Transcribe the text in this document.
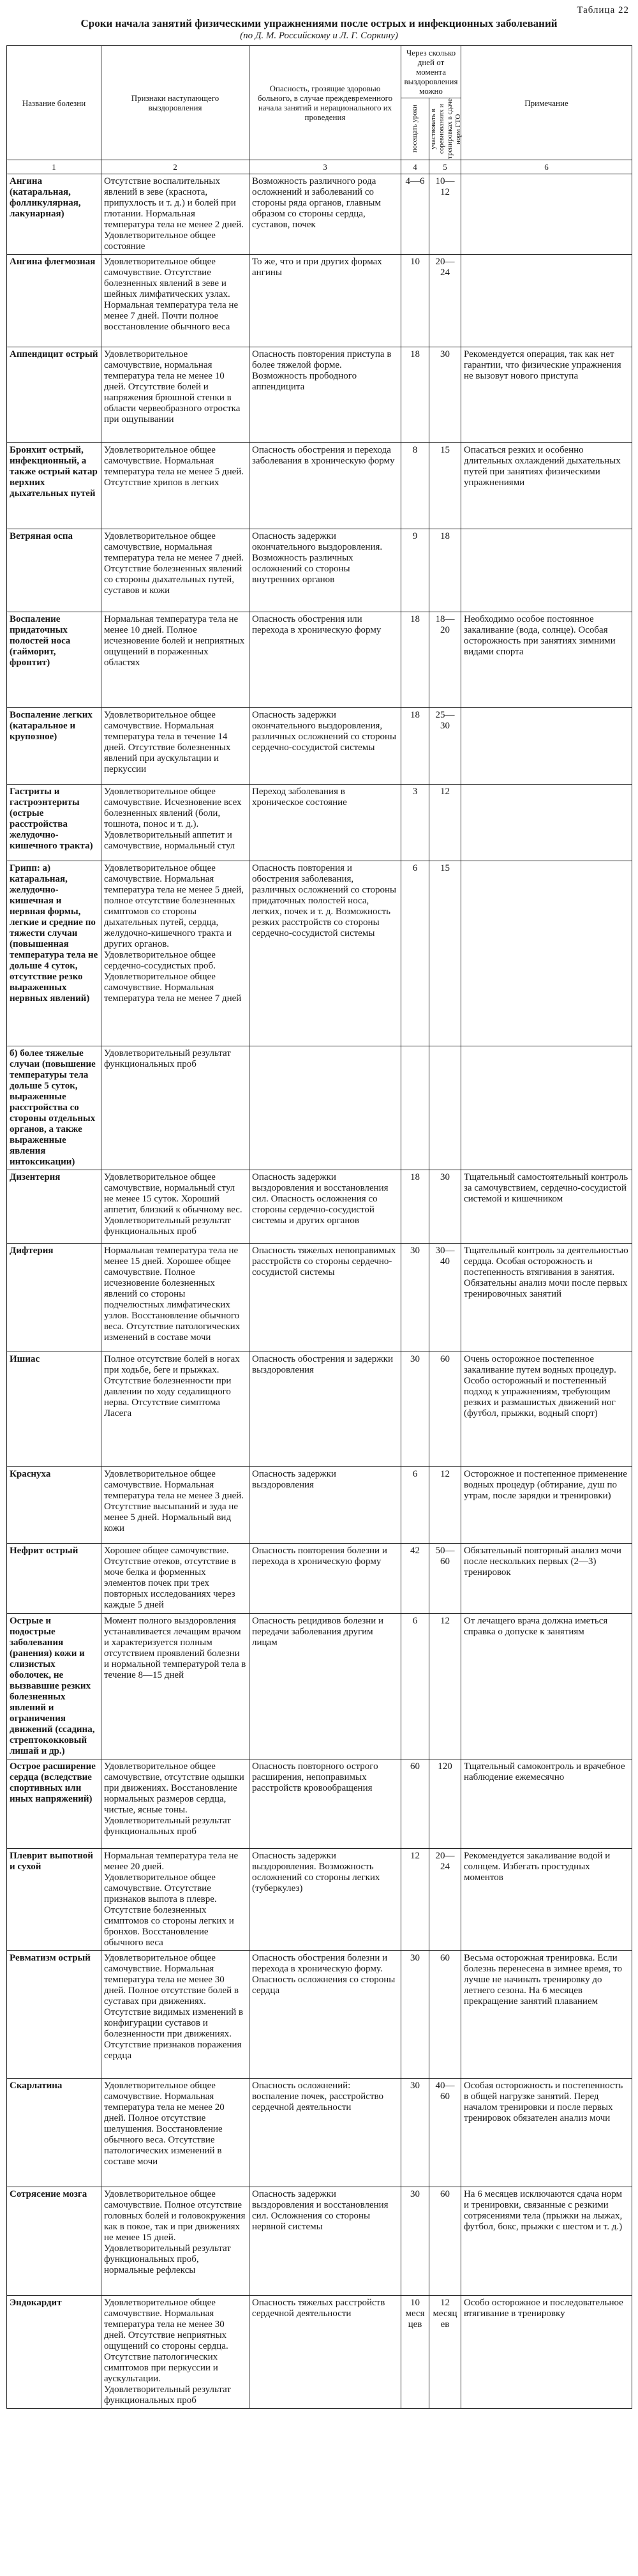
Таблица 22
Сроки начала занятий физическими упражнениями после острых и инфекционных заболеваний
(по Д. М. Российскому и Л. Г. Соркину)
Название болезни	Признаки наступающего выздоровления	Опасность, грозящие здоровью больного, в случае преждевременного начала занятий и нерационального их проведения	Через сколько дней от момента выздоровления можно		Примечание

посещать уроки	участвовать в соревнованиях и тренировках в сдаче норм ГТО	

1	2	3	4	5	6
Ангина (катаральная, фолликулярная, лакунарная)	Отсутствие воспалительных явлений в зеве (краснота, припухлость и т. д.) и болей при глотании. Нормальная температура тела не менее 2 дней. Удовлетворительное общее состояние	Возможность различного рода осложнений и заболеваний со стороны ряда органов, главным образом со стороны сердца, суставов, почек	4—6	10—12	
Ангина флегмозная	Удовлетворительное общее самочувствие. Отсутствие болезненных явлений в зеве и шейных лимфатических узлах. Нормальная температура тела не менее 7 дней. Почти полное восстановление обычного веса	То же, что и при других формах ангины	10	20—24	
Аппендицит острый	Удовлетворительное самочувствие, нормальная температура тела не менее 10 дней. Отсутствие болей и напряжения брюшной стенки в области червеобразного отростка при ощупывании	Опасность повторения приступа в более тяжелой форме. Возможность прободного аппендицита	18	30	Рекомендуется операция, так как нет гарантии, что физические упражнения не вызовут нового приступа
Бронхит острый, инфекционный, а также острый катар верхних дыхательных путей	Удовлетворительное общее самочувствие. Нормальная температура тела не менее 5 дней. Отсутствие хрипов в легких	Опасность обострения и перехода заболевания в хроническую форму	8	15	Опасаться резких и особенно длительных охлаждений дыхательных путей при занятиях физическими упражнениями
Ветряная оспа	Удовлетворительное общее самочувствие, нормальная температура тела не менее 7 дней. Отсутствие болезненных явлений со стороны дыхательных путей, суставов и кожи	Опасность задержки окончательного выздоровления. Возможность различных осложнений со стороны внутренних органов	9	18	
Воспаление придаточных полостей носа (гайморит, фронтит)	Нормальная температура тела не менее 10 дней. Полное исчезновение болей и неприятных ощущений в пораженных областях	Опасность обострения или перехода в хроническую форму	18	18—20	Необходимо особое постоянное закаливание (вода, солнце). Особая осторожность при занятиях зимними видами спорта
Воспаление легких (катаральное и крупозное)	Удовлетворительное общее самочувствие. Нормальная температура тела в течение 14 дней. Отсутствие болезненных явлений при аускультации и перкуссии	Опасность задержки окончательного выздоровления, различных осложнений со стороны сердечно-сосудистой системы	18	25—30	
Гастриты и гастроэнтериты (острые расстройства желудочно-кишечного тракта)	Удовлетворительное общее самочувствие. Исчезновение всех болезненных явлений (боли, тошнота, понос и т. д.). Удовлетворительный аппетит и самочувствие, нормальный стул	Переход заболевания в хроническое состояние	3	12	
Грипп: а) катаральная, желудочно-кишечная и нервная формы, легкие и средние по тяжести случаи (повышенная температура тела не дольше 4 суток, отсутствие резко выраженных нервных явлений)	Удовлетворительное общее самочувствие. Нормальная температура тела не менее 5 дней, полное отсутствие болезненных симптомов со стороны дыхательных путей, сердца, желудочно-кишечного тракта и других органов. Удовлетворительное общее сердечно-сосудистых проб. Удовлетворительное общее самочувствие. Нормальная температура тела не менее 7 дней	Опасность повторения и обострения заболевания, различных осложнений со стороны придаточных полостей носа, легких, почек и т. д. Возможность резких расстройств со стороны сердечно-сосудистой системы	6	15	
б) более тяжелые случаи (повышение температуры тела дольше 5 суток, выраженные расстройства со стороны отдельных органов, а также выраженные явления интоксикации)	Удовлетворительный результат функциональных проб				
Дизентерия	Удовлетворительное общее самочувствие, нормальный стул не менее 15 суток. Хороший аппетит, близкий к обычному вес. Удовлетворительный результат функциональных проб	Опасность задержки выздоровления и восстановления сил. Опасность осложнения со стороны сердечно-сосудистой системы и других органов	18	30	Тщательный самостоятельный контроль за самочувствием, сердечно-сосудистой системой и кишечником
Дифтерия	Нормальная температура тела не менее 15 дней. Хорошее общее самочувствие. Полное исчезновение болезненных явлений со стороны подчелюстных лимфатических узлов. Восстановление обычного веса. Отсутствие патологических изменений в составе мочи	Опасность тяжелых непоправимых расстройств со стороны сердечно-сосудистой системы	30	30—40	Тщательный контроль за деятельностью сердца. Особая осторожность и постепенность втягивания в занятия. Обязательны анализ мочи после первых тренировочных занятий
Ишиас	Полное отсутствие болей в ногах при ходьбе, беге и прыжках. Отсутствие болезненности при давлении по ходу седалищного нерва. Отсутствие симптома Ласега	Опасность обострения и задержки выздоровления	30	60	Очень осторожное постепенное закаливание путем водных процедур. Особо осторожный и постепенный подход к упражнениям, требующим резких и размашистых движений ног (футбол, прыжки, водный спорт)
Краснуха	Удовлетворительное общее самочувствие. Нормальная температура тела не менее 3 дней. Отсутствие высыпаний и зуда не менее 5 дней. Нормальный вид кожи	Опасность задержки выздоровления	6	12	Осторожное и постепенное применение водных процедур (обтирание, душ по утрам, после зарядки и тренировки)
Нефрит острый	Хорошее общее самочувствие. Отсутствие отеков, отсутствие в моче белка и форменных элементов почек при трех повторных исследованиях через каждые 5 дней	Опасность повторения болезни и перехода в хроническую форму	42	50—60	Обязательный повторный анализ мочи после нескольких первых (2—3) тренировок
Острые и подострые заболевания (ранения) кожи и слизистых оболочек, не вызвавшие резких болезненных явлений и ограничения движений (ссадина, стрептококковый лишай и др.)	Момент полного выздоровления устанавливается лечащим врачом и характеризуется полным отсутствием проявлений болезни и нормальной температурой тела в течение 8—15 дней	Опасность рецидивов болезни и передачи заболевания другим лицам	6	12	От лечащего врача должна иметься справка о допуске к занятиям
Острое расширение сердца (вследствие спортивных или иных напряжений)	Удовлетворительное общее самочувствие, отсутствие одышки при движениях. Восстановление нормальных размеров сердца, чистые, ясные тоны. Удовлетворительный результат функциональных проб	Опасность повторного острого расширения, непоправимых расстройств кровообращения	60	120	Тщательный самоконтроль и врачебное наблюдение ежемесячно
Плеврит выпотной и сухой	Нормальная температура тела не менее 20 дней. Удовлетворительное общее самочувствие. Отсутствие признаков выпота в плевре. Отсутствие болезненных симптомов со стороны легких и бронхов. Восстановление обычного веса	Опасность задержки выздоровления. Возможность осложнений со стороны легких (туберкулез)	12	20—24	Рекомендуется закаливание водой и солнцем. Избегать простудных моментов
Ревматизм острый	Удовлетворительное общее самочувствие. Нормальная температура тела не менее 30 дней. Полное отсутствие болей в суставах при движениях. Отсутствие видимых изменений в конфигурации суставов и болезненности при движениях. Отсутствие признаков поражения сердца	Опасность обострения болезни и перехода в хроническую форму. Опасность осложнения со стороны сердца	30	60	Весьма осторожная тренировка. Если болезнь перенесена в зимнее время, то лучше не начинать тренировку до летнего сезона. На 6 месяцев прекращение занятий плаванием
Скарлатина	Удовлетворительное общее самочувствие. Нормальная температура тела не менее 20 дней. Полное отсутствие шелушения. Восстановление обычного веса. Отсутствие патологических изменений в составе мочи	Опасность осложнений: воспаление почек, расстройство сердечной деятельности	30	40—60	Особая осторожность и постепенность в общей нагрузке занятий. Перед началом тренировки и после первых тренировок обязателен анализ мочи
Сотрясение мозга	Удовлетворительное общее самочувствие. Полное отсутствие головных болей и головокружения как в покое, так и при движениях не менее 15 дней. Удовлетворительный результат функциональных проб, нормальные рефлексы	Опасность задержки выздоровления и восстановления сил. Осложнения со стороны нервной системы	30	60	На 6 месяцев исключаются сдача норм и тренировки, связанные с резкими сотрясениями тела (прыжки на лыжах, футбол, бокс, прыжки с шестом и т. д.)
Эндокардит	Удовлетворительное общее самочувствие. Нормальная температура тела не менее 30 дней. Отсутствие неприятных ощущений со стороны сердца. Отсутствие патологических симптомов при перкуссии и аускультации. Удовлетворительный результат функциональных проб	Опасность тяжелых расстройств сердечной деятельности	10 месяцев	12 месяцев	Особо осторожное и последовательное втягивание в тренировку
